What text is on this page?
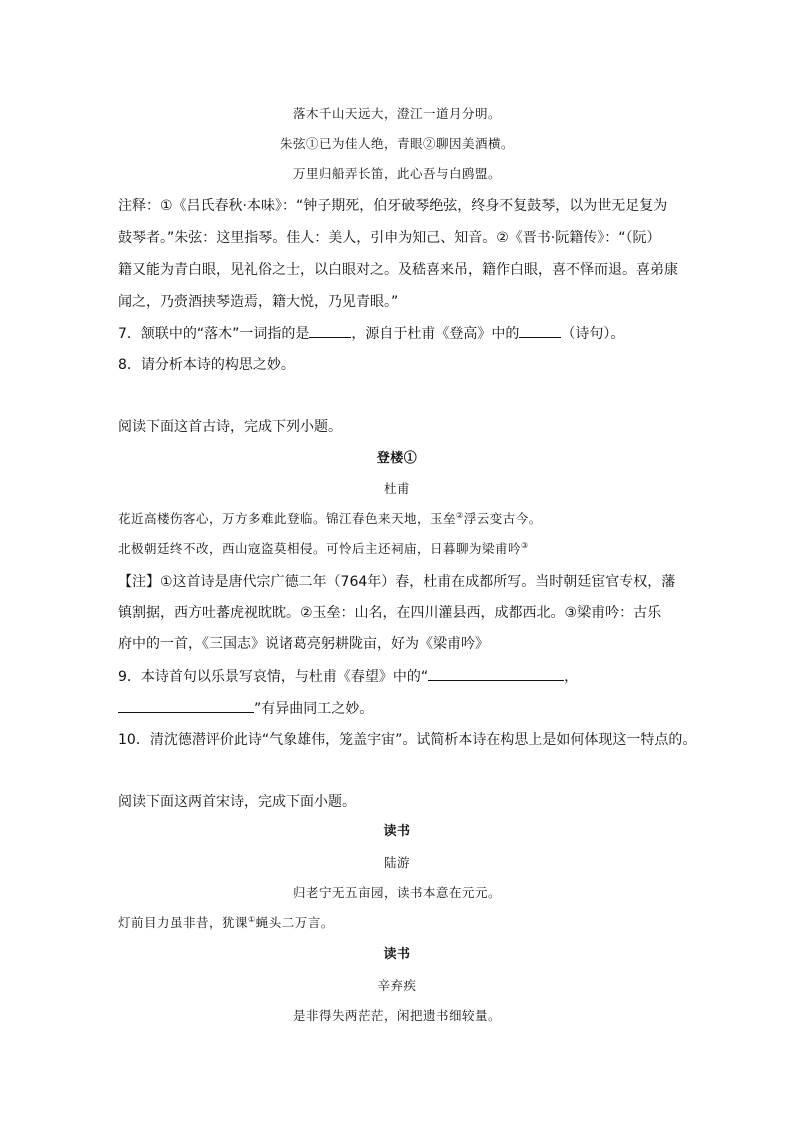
落木千山天远大，澄江一道月分明。
朱弦①已为佳人绝，青眼②聊因美酒横。
万里归船弄长笛，此心吾与白鸥盟。
注释：①《吕氏春秋·本味》：“钟子期死，伯牙破琴绝弦，终身不复鼓琴，以为世无足复为
鼓琴者。”朱弦：这里指琴。佳人：美人，引申为知己、知音。②《晋书·阮籍传》：“（阮）
籍又能为青白眼，见礼俗之士，以白眼对之。及嵇喜来吊，籍作白眼，喜不怿而退。喜弟康
闻之，乃赍酒挟琴造焉，籍大悦，乃见青眼。”
7．颔联中的“落木”一词指的是	，源自于杜甫《登高》中的	（诗句）。
8．请分析本诗的构思之妙。
阅读下面这首古诗，完成下列小题。
登楼①
杜甫
花近高楼伤客心，万方多难此登临。锦江春色来天地，玉垒②浮云变古今。
北极朝廷终不改，西山寇盗莫相侵。可怜后主还祠庙，日暮聊为梁甫吟③
【注】①这首诗是唐代宗广德二年（764年）春，杜甫在成都所写。当时朝廷宦官专权，藩
镇割据，西方吐蕃虎视眈眈。②玉垒：山名，在四川灌县西，成都西北。③梁甫吟：古乐
府中的一首，《三国志》说诸葛亮躬耕陇亩，好为《梁甫吟》
9．本诗首句以乐景写哀情，与杜甫《春望》中的“	，
”有异曲同工之妙。
10．清沈德潜评价此诗“气象雄伟，笼盖宇宙”。试简析本诗在构思上是如何体现这一特点的。
阅读下面这两首宋诗，完成下面小题。
读书
陆游
归老宁无五亩园，读书本意在元元。
灯前目力虽非昔，犹课①蝇头二万言。
读书
辛弃疾
是非得失两茫茫，闲把遗书细较量。
